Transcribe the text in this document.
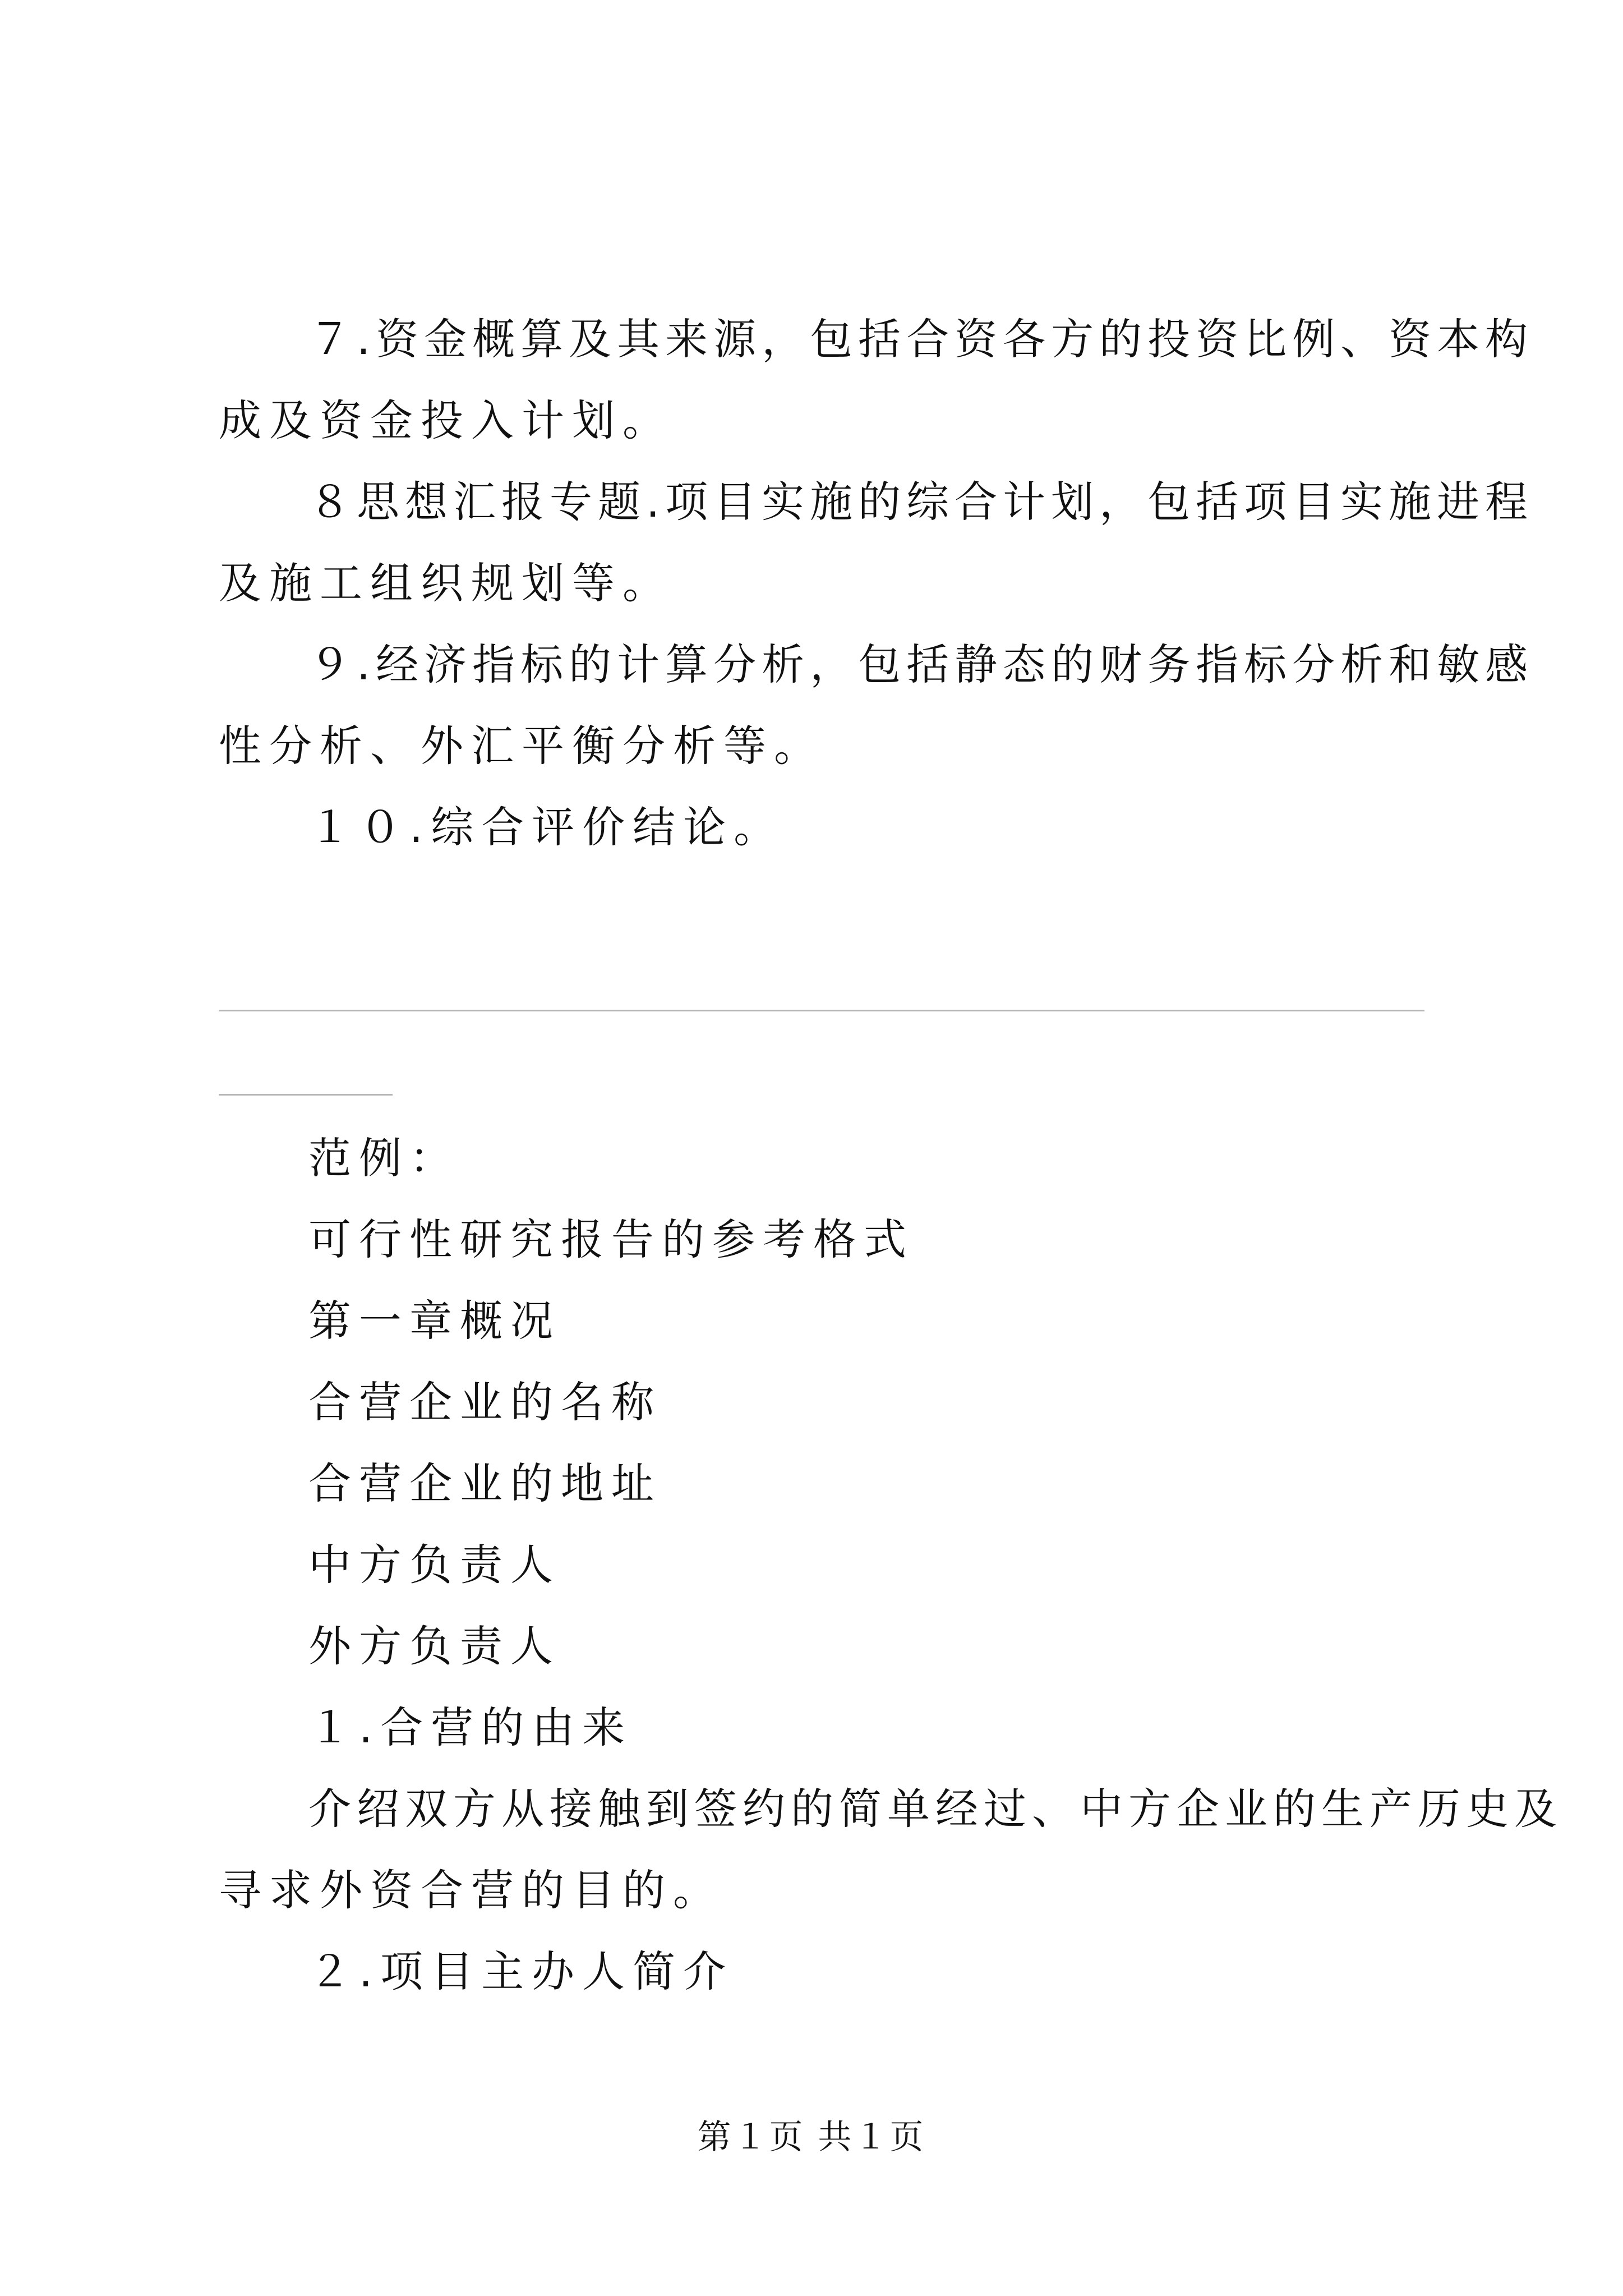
７.资金概算及其来源，包括合资各方的投资比例、资本构
成及资金投入计划。
８思想汇报专题.项目实施的综合计划，包括项目实施进程
及施工组织规划等。
９.经济指标的计算分析，包括静态的财务指标分析和敏感
性分析、外汇平衡分析等。
１０.综合评价结论。
范例：
可行性研究报告的参考格式
第一章概况
合营企业的名称
合营企业的地址
中方负责人
外方负责人
１.合营的由来
介绍双方从接触到签约的简单经过、中方企业的生产历史及
寻求外资合营的目的。
２.项目主办人简介
第１页 共１页
